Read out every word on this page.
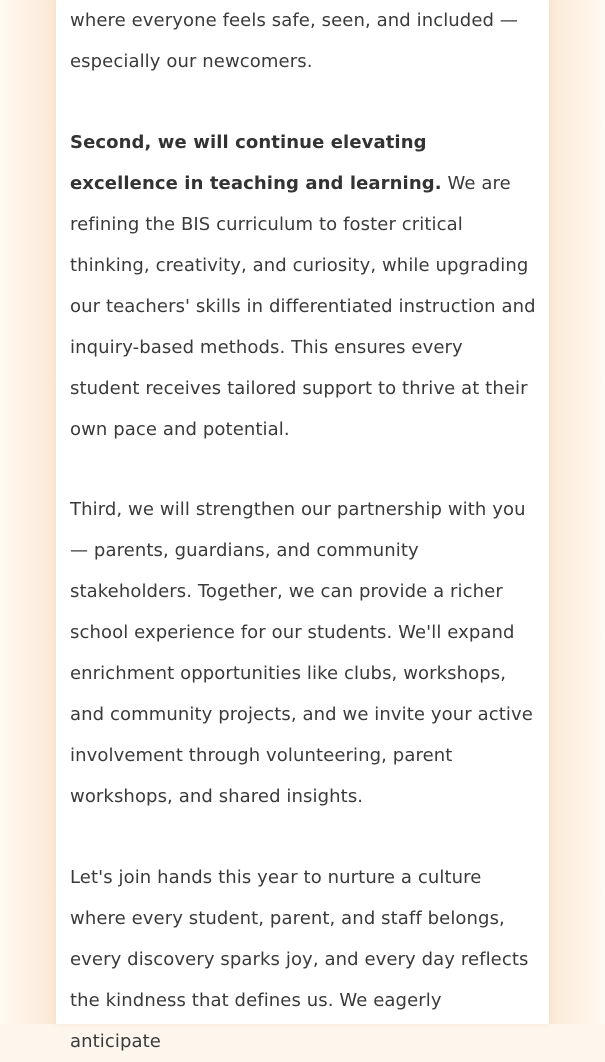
where everyone feels safe, seen, and included — especially our newcomers.

Second, we will continue elevating excellence in teaching and learning. We are refining the BIS curriculum to foster critical thinking, creativity, and curiosity, while upgrading our teachers' skills in differentiated instruction and inquiry-based methods. This ensures every student receives tailored support to thrive at their own pace and potential.

Third, we will strengthen our partnership with you — parents, guardians, and community stakeholders. Together, we can provide a richer school experience for our students. We'll expand enrichment opportunities like clubs, workshops, and community projects, and we invite your active involvement through volunteering, parent workshops, and shared insights.

Let's join hands this year to nurture a culture where every student, parent, and staff belongs, every discovery sparks joy, and every day reflects the kindness that defines us. We eagerly anticipate
